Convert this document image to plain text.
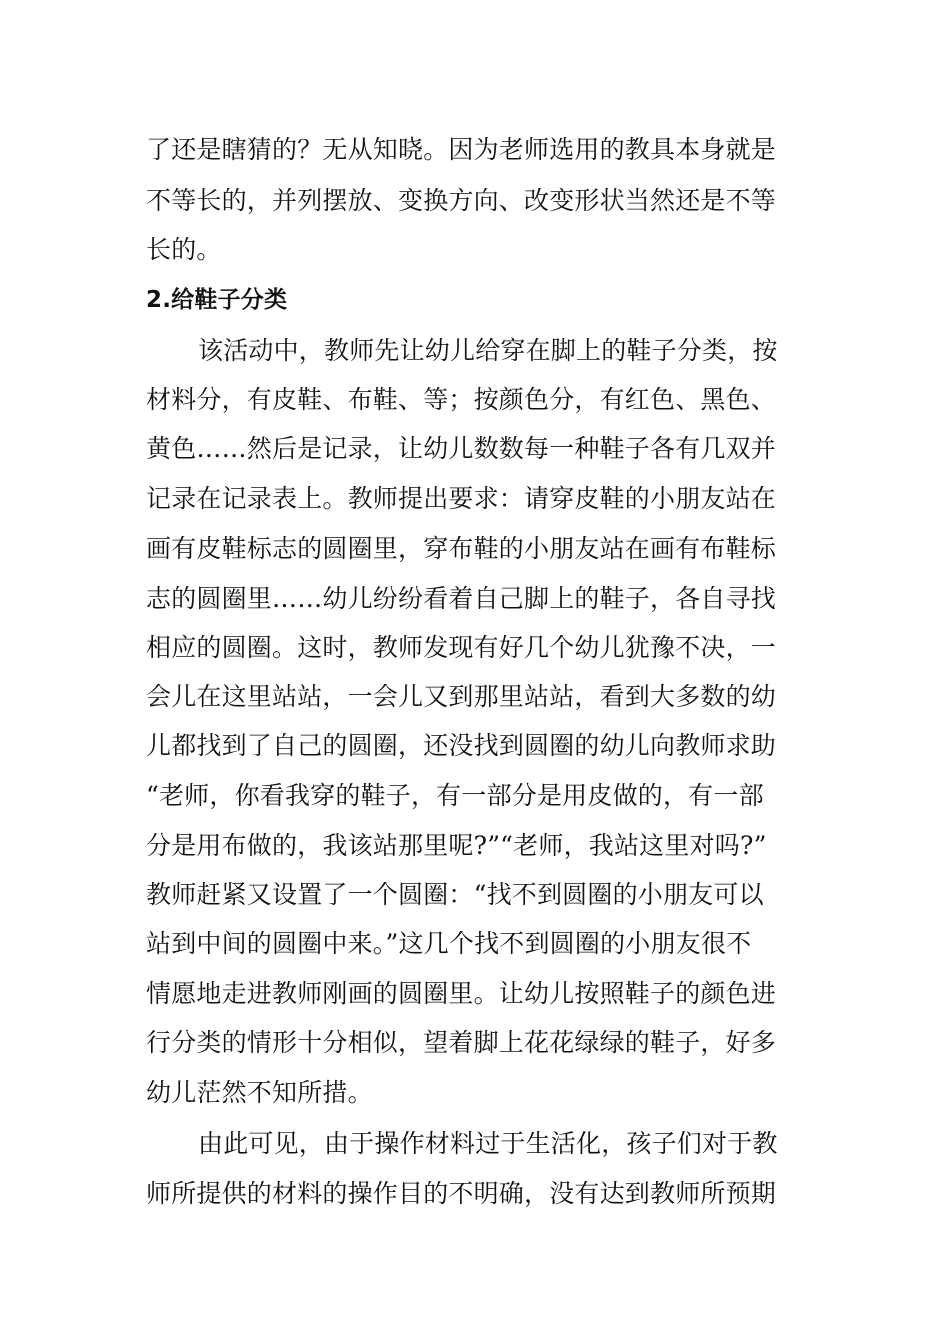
了还是瞎猜的？无从知晓。因为老师选用的教具本身就是
不等长的，并列摆放、变换方向、改变形状当然还是不等
长的。
2.给鞋子分类
该活动中，教师先让幼儿给穿在脚上的鞋子分类，按
材料分，有皮鞋、布鞋、等；按颜色分，有红色、黑色、
黄色……然后是记录，让幼儿数数每一种鞋子各有几双并
记录在记录表上。教师提出要求：请穿皮鞋的小朋友站在
画有皮鞋标志的圆圈里，穿布鞋的小朋友站在画有布鞋标
志的圆圈里……幼儿纷纷看着自己脚上的鞋子，各自寻找
相应的圆圈。这时，教师发现有好几个幼儿犹豫不决，一
会儿在这里站站，一会儿又到那里站站，看到大多数的幼
儿都找到了自己的圆圈，还没找到圆圈的幼儿向教师求助
“老师，你看我穿的鞋子，有一部分是用皮做的，有一部
分是用布做的，我该站那里呢?”“老师，我站这里对吗?”
教师赶紧又设置了一个圆圈：“找不到圆圈的小朋友可以
站到中间的圆圈中来。”这几个找不到圆圈的小朋友很不
情愿地走进教师刚画的圆圈里。让幼儿按照鞋子的颜色进
行分类的情形十分相似，望着脚上花花绿绿的鞋子，好多
幼儿茫然不知所措。
由此可见，由于操作材料过于生活化，孩子们对于教
师所提供的材料的操作目的不明确，没有达到教师所预期
